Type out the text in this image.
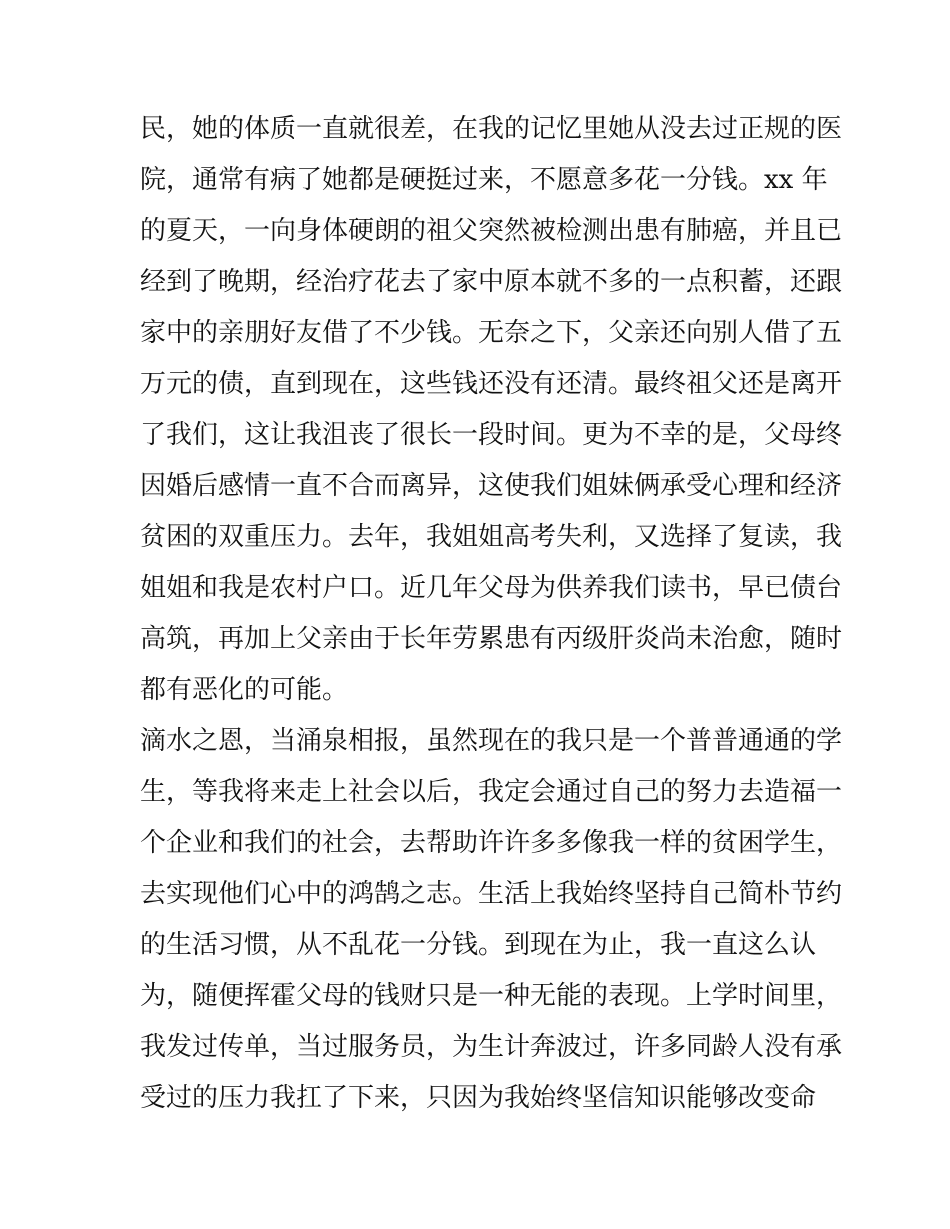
民，她的体质一直就很差，在我的记忆里她从没去过正规的医
院，通常有病了她都是硬挺过来，不愿意多花一分钱。xx 年
的夏天，一向身体硬朗的祖父突然被检测出患有肺癌，并且已
经到了晚期，经治疗花去了家中原本就不多的一点积蓄，还跟
家中的亲朋好友借了不少钱。无奈之下，父亲还向别人借了五
万元的债，直到现在，这些钱还没有还清。最终祖父还是离开
了我们，这让我沮丧了很长一段时间。更为不幸的是，父母终
因婚后感情一直不合而离异，这使我们姐妹俩承受心理和经济
贫困的双重压力。去年，我姐姐高考失利，又选择了复读，我
姐姐和我是农村户口。近几年父母为供养我们读书，早已债台
高筑，再加上父亲由于长年劳累患有丙级肝炎尚未治愈，随时
都有恶化的可能。
滴水之恩，当涌泉相报，虽然现在的我只是一个普普通通的学
生，等我将来走上社会以后，我定会通过自己的努力去造福一
个企业和我们的社会，去帮助许许多多像我一样的贫困学生，
去实现他们心中的鸿鹄之志。生活上我始终坚持自己简朴节约
的生活习惯，从不乱花一分钱。到现在为止，我一直这么认
为，随便挥霍父母的钱财只是一种无能的表现。上学时间里，
我发过传单，当过服务员，为生计奔波过，许多同龄人没有承
受过的压力我扛了下来，只因为我始终坚信知识能够改变命
